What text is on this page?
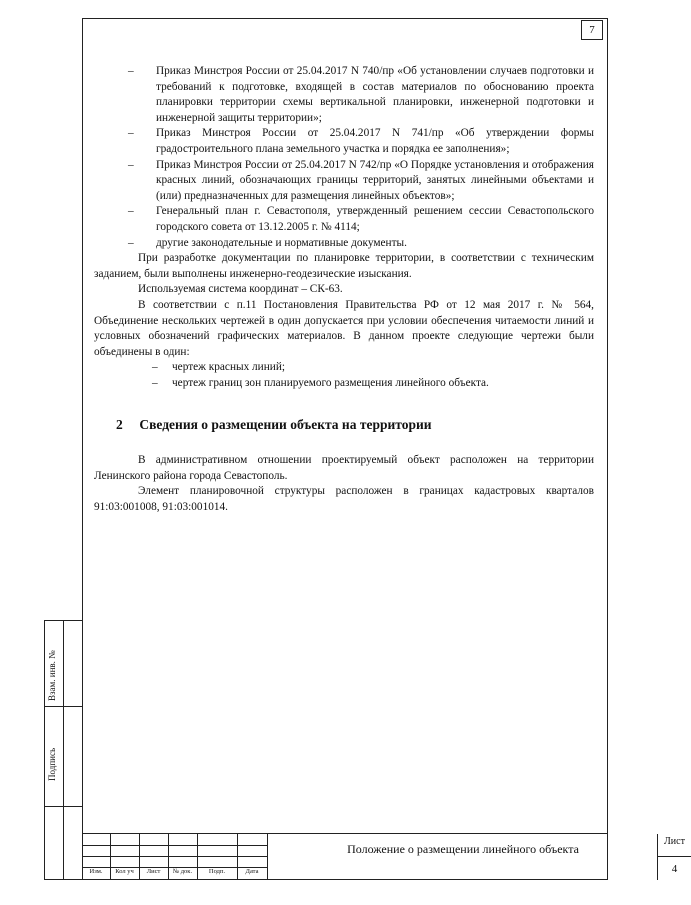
7
– Приказ Минстроя России от 25.04.2017 N 740/пр «Об установлении случаев подготовки и требований к подготовке, входящей в состав материалов по обоснованию проекта планировки территории схемы вертикальной планировки, инженерной подготовки и инженерной защиты территории»;
– Приказ Минстроя России от 25.04.2017 N 741/пр «Об утверждении формы градостроительного плана земельного участка и порядка ее заполнения»;
– Приказ Минстроя России от 25.04.2017 N 742/пр «О Порядке установления и отображения красных линий, обозначающих границы территорий, занятых линейными объектами и (или) предназначенных для размещения линейных объектов»;
– Генеральный план г. Севастополя, утвержденный решением сессии Севастопольского городского совета от 13.12.2005 г. № 4114;
– другие законодательные и нормативные документы.

При разработке документации по планировке территории, в соответствии с техническим заданием, были выполнены инженерно-геодезические изыскания.

Используемая система координат – СК-63.

В соответствии с п.11 Постановления Правительства РФ от 12 мая 2017 г. № 564, Объединение нескольких чертежей в один допускается при условии обеспечения читаемости линий и условных обозначений графических материалов. В данном проекте следующие чертежи были объединены в один:

– чертеж красных линий;
– чертеж границ зон планируемого размещения линейного объекта.
2 Сведения о размещении объекта на территории

В административном отношении проектируемый объект расположен на территории Ленинского района города Севастополь.

Элемент планировочной структуры расположен в границах кадастровых кварталов 91:03:001008, 91:03:001014.

Взам. инв. №
Подпись
Изм.	Кол уч	Лист	№ док.	Подп.	Дата
Положение о размещении линейного объекта
Лист
4
